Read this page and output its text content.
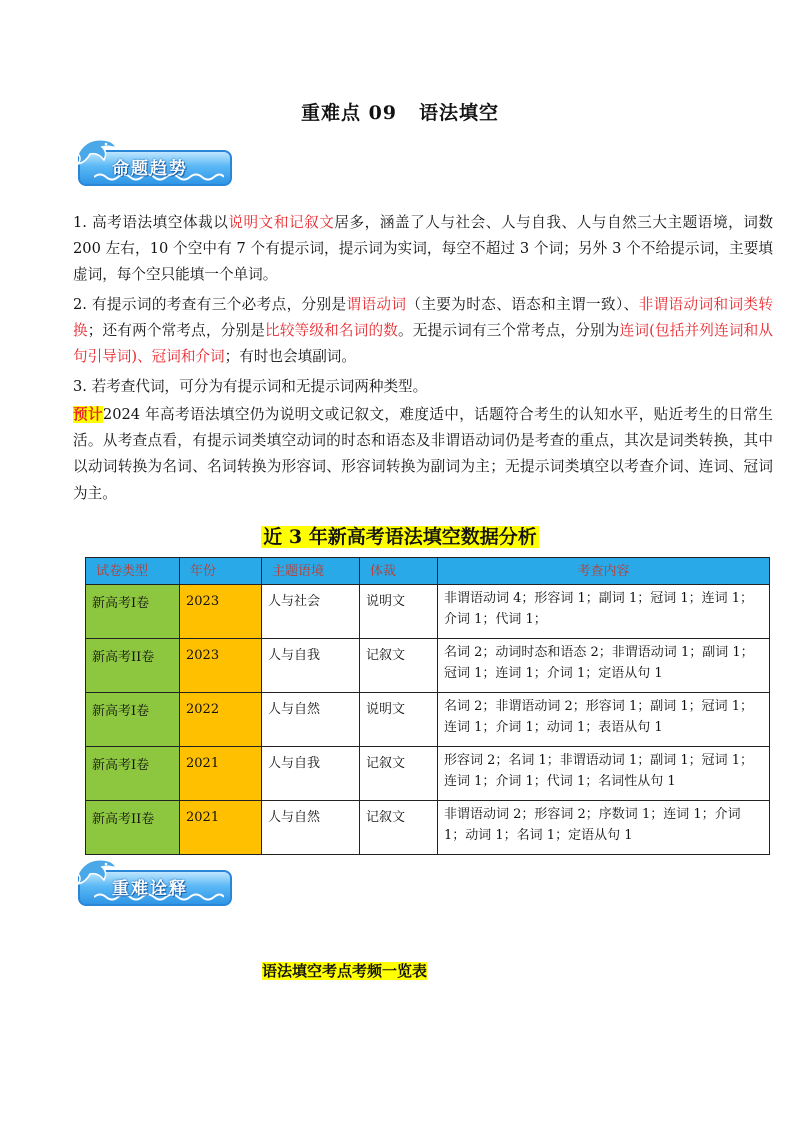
重难点 09 语法填空
命题趋势
1. 高考语法填空体裁以说明文和记叙文居多，涵盖了人与社会、人与自我、人与自然三大主题语境，词数 200 左右，10 个空中有 7 个有提示词，提示词为实词，每空不超过 3 个词；另外 3 个不给提示词，主要填虚词，每个空只能填一个单词。
2. 有提示词的考查有三个必考点，分别是谓语动词（主要为时态、语态和主谓一致）、非谓语动词和词类转换；还有两个常考点，分别是比较等级和名词的数。无提示词有三个常考点，分别为连词(包括并列连词和从句引导词)、冠词和介词；有时也会填副词。
3. 若考查代词，可分为有提示词和无提示词两种类型。
预计2024 年高考语法填空仍为说明文或记叙文，难度适中，话题符合考生的认知水平，贴近考生的日常生活。从考查点看，有提示词类填空动词的时态和语态及非谓语动词仍是考查的重点，其次是词类转换，其中以动词转换为名词、名词转换为形容词、形容词转换为副词为主；无提示词类填空以考查介词、连词、冠词为主。
近 3 年新高考语法填空数据分析
试卷类型	年份	主题语境	体裁	考查内容
新高考I卷	2023	人与社会	说明文	非谓语动词 4；形容词 1；副词 1；冠词 1；连词 1；介词 1；代词 1；
新高考II卷	2023	人与自我	记叙文	名词 2；动词时态和语态 2；非谓语动词 1；副词 1；冠词 1；连词 1；介词 1；定语从句 1
新高考I卷	2022	人与自然	说明文	名词 2；非谓语动词 2；形容词 1；副词 1；冠词 1；连词 1；介词 1；动词 1；表语从句 1
新高考I卷	2021	人与自我	记叙文	形容词 2；名词 1；非谓语动词 1；副词 1；冠词 1；连词 1；介词 1；代词 1；名词性从句 1
新高考II卷	2021	人与自然	记叙文	非谓语动词 2；形容词 2；序数词 1；连词 1；介词 1；动词 1；名词 1；定语从句 1
重难诠释
语法填空考点考频一览表
